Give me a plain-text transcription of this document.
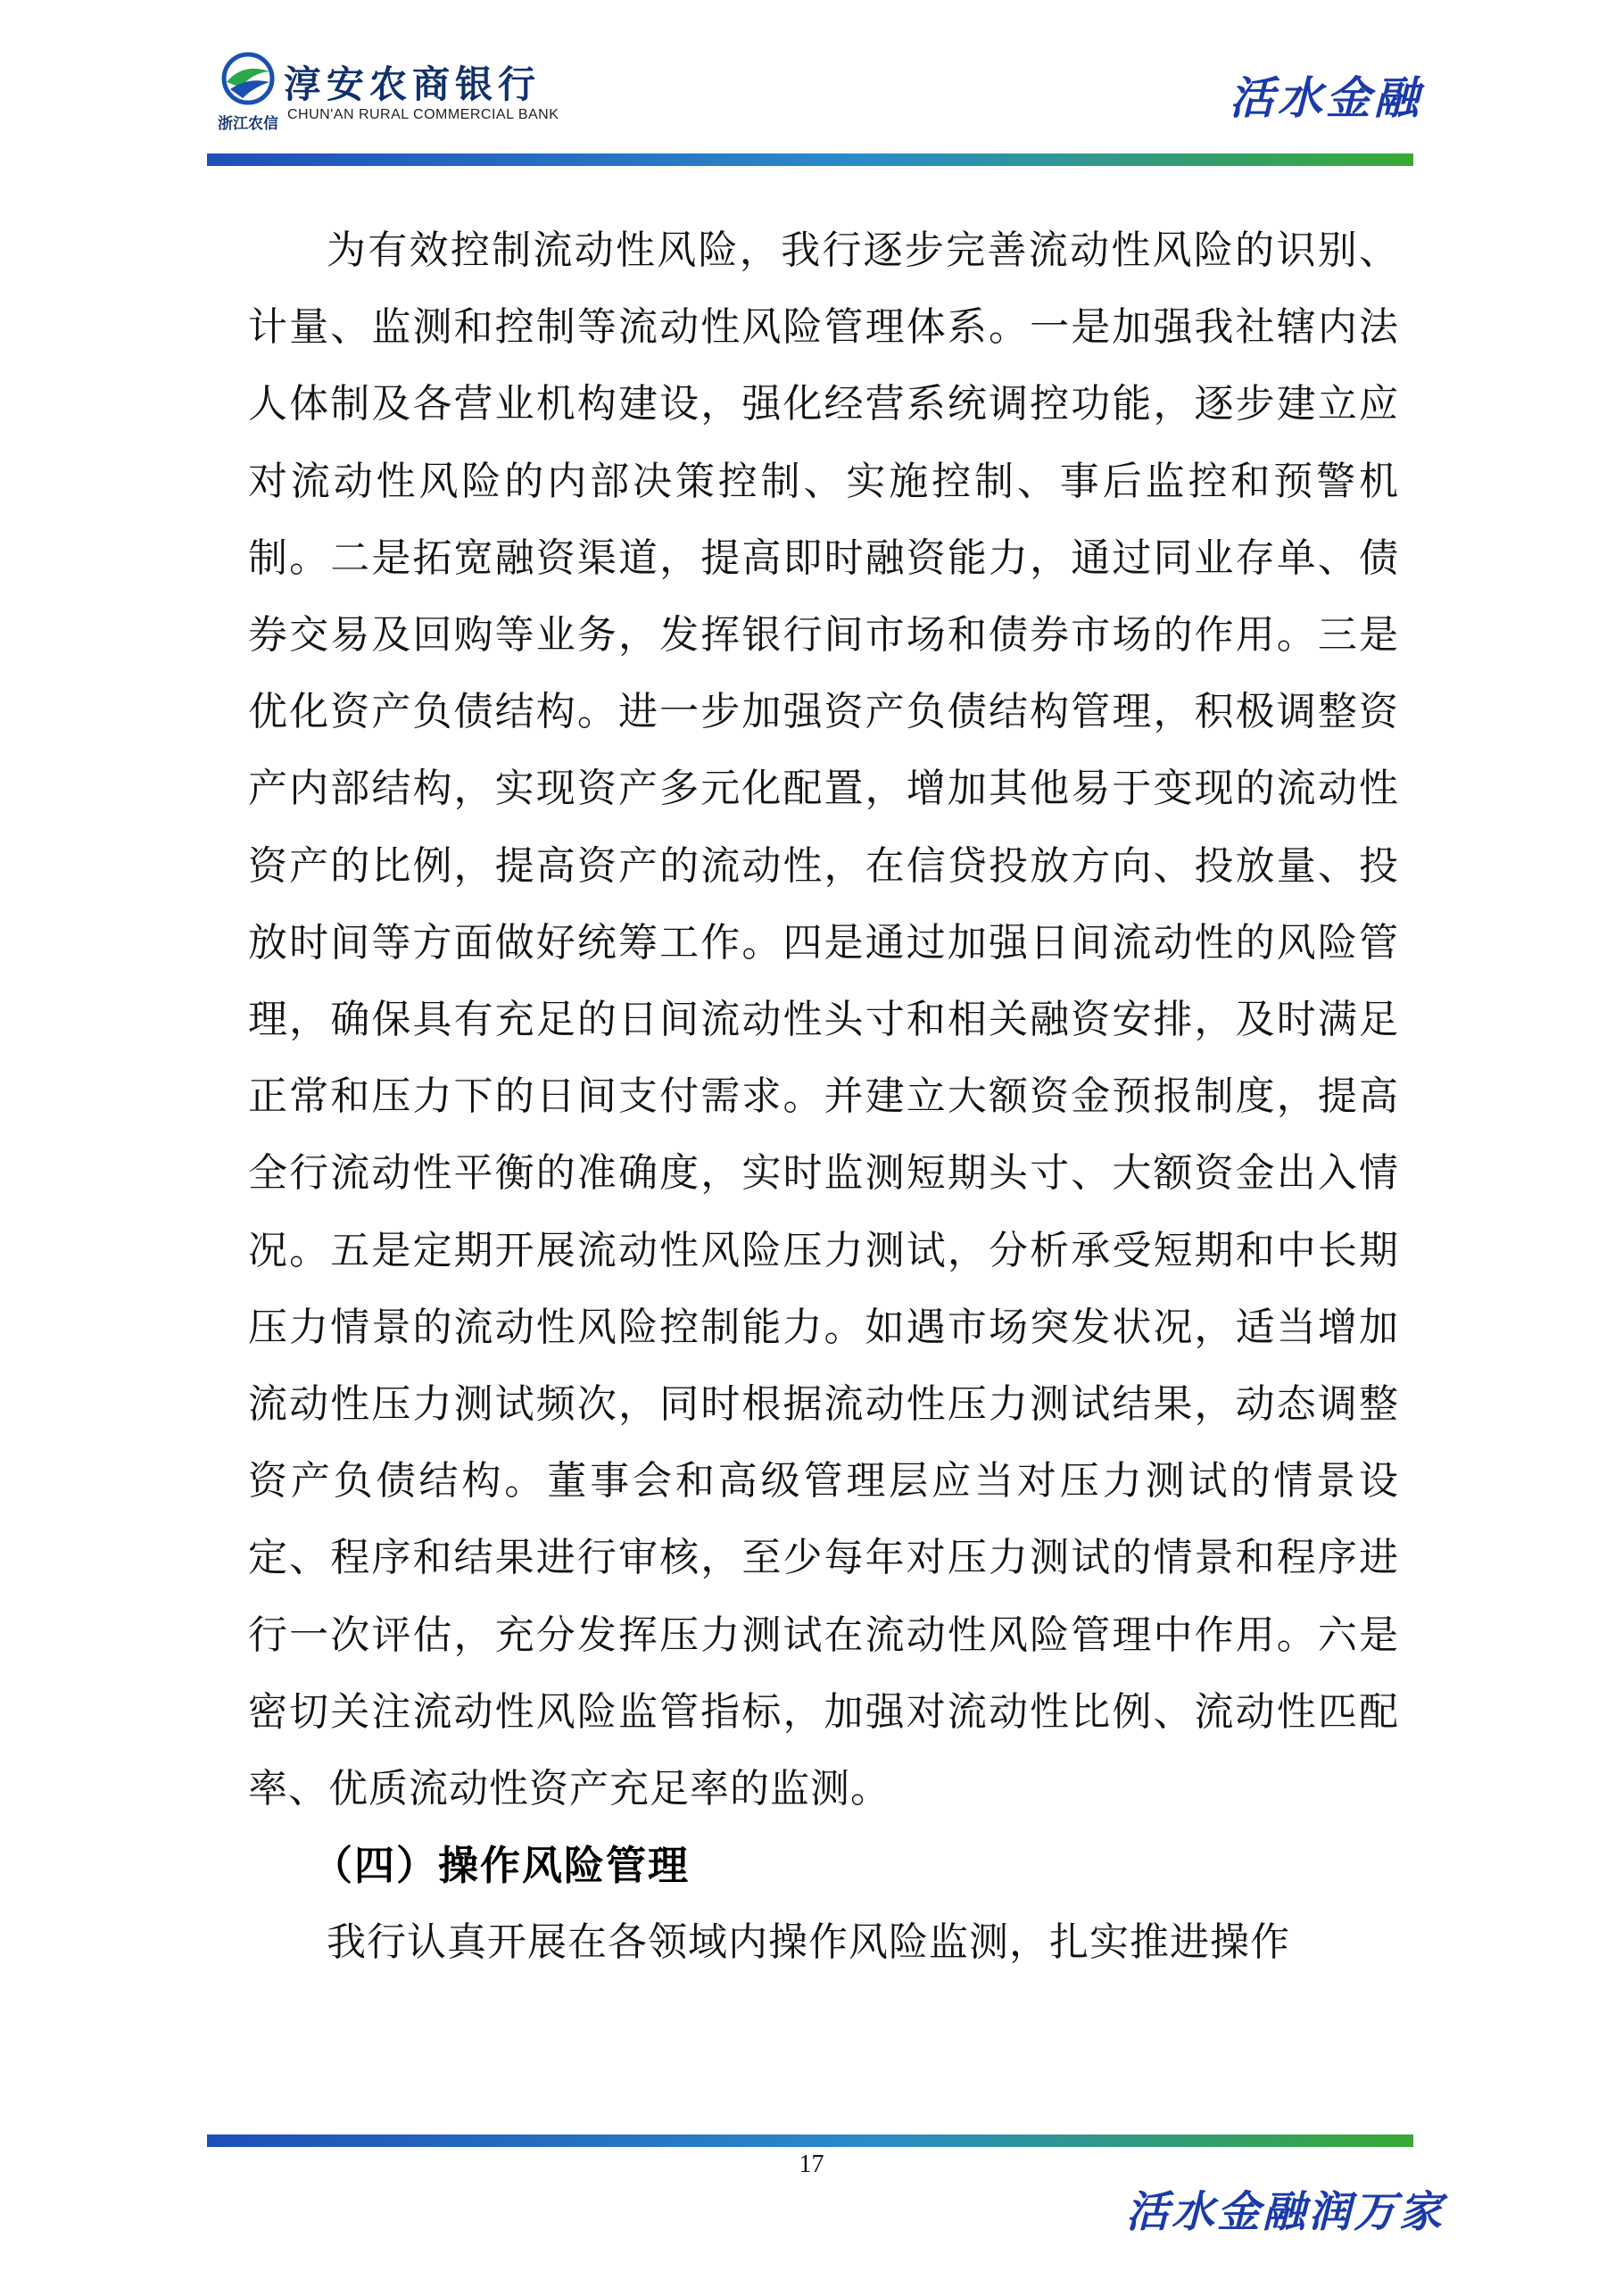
浙江农信
淳安农商银行
CHUN'AN RURAL COMMERCIAL BANK	活水金融

为有效控制流动性风险，我行逐步完善流动性风险的识别、计量、监测和控制等流动性风险管理体系。一是加强我社辖内法人体制及各营业机构建设，强化经营系统调控功能，逐步建立应对流动性风险的内部决策控制、实施控制、事后监控和预警机制。二是拓宽融资渠道，提高即时融资能力，通过同业存单、债券交易及回购等业务，发挥银行间市场和债券市场的作用。三是优化资产负债结构。进一步加强资产负债结构管理，积极调整资产内部结构，实现资产多元化配置，增加其他易于变现的流动性资产的比例，提高资产的流动性，在信贷投放方向、投放量、投放时间等方面做好统筹工作。四是通过加强日间流动性的风险管理，确保具有充足的日间流动性头寸和相关融资安排，及时满足正常和压力下的日间支付需求。并建立大额资金预报制度，提高全行流动性平衡的准确度，实时监测短期头寸、大额资金出入情况。五是定期开展流动性风险压力测试，分析承受短期和中长期压力情景的流动性风险控制能力。如遇市场突发状况，适当增加流动性压力测试频次，同时根据流动性压力测试结果，动态调整资产负债结构。董事会和高级管理层应当对压力测试的情景设定、程序和结果进行审核，至少每年对压力测试的情景和程序进行一次评估，充分发挥压力测试在流动性风险管理中作用。六是密切关注流动性风险监管指标，加强对流动性比例、流动性匹配率、优质流动性资产充足率的监测。

（四）操作风险管理

我行认真开展在各领域内操作风险监测，扎实推进操作

17
活水金融润万家
